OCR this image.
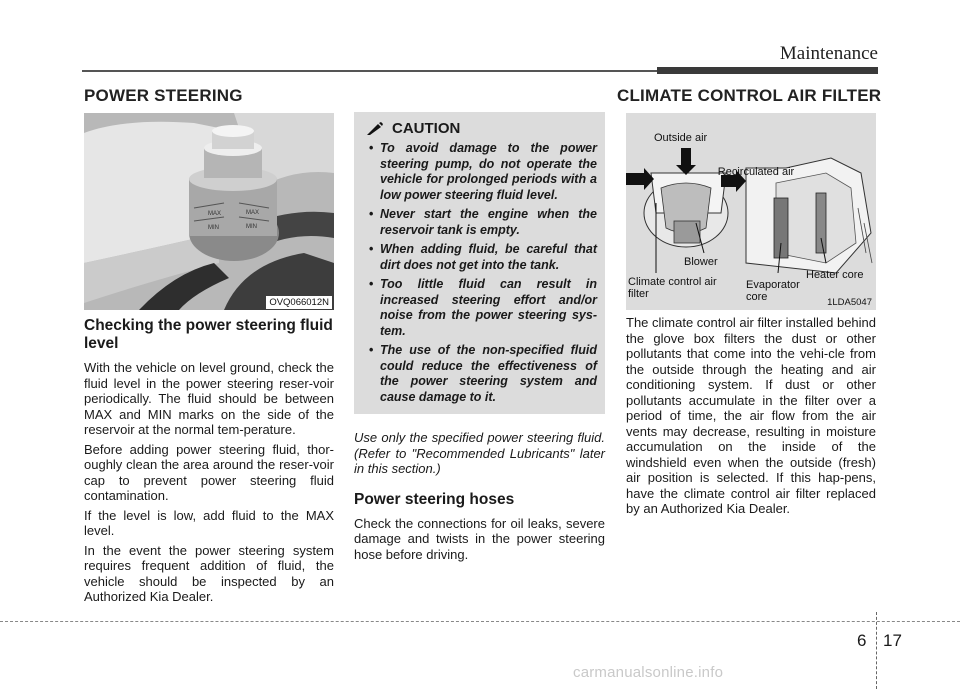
Maintenance
POWER STEERING
MAX
MIN
MAX
MIN
OVQ066012N
Checking the power steering fluid level

With the vehicle on level ground, check the fluid level in the power steering reser-voir periodically. The fluid should be between MAX and MIN marks on the side of the reservoir at the normal tem-perature.

Before adding power steering fluid, thor-oughly clean the area around the reser-voir cap to prevent power steering fluid contamination.

If the level is low, add fluid to the MAX level.

In the event the power steering system requires frequent addition of fluid, the vehicle should be inspected by an Authorized Kia Dealer.

CAUTION
• To avoid damage to the power steering pump, do not operate the vehicle for prolonged periods with a low power steering fluid level.
• Never start the engine when the reservoir tank is empty.
• When adding fluid, be careful that dirt does not get into the tank.
• Too little fluid can result in increased steering effort and/or noise from the power steering sys-tem.
• The use of the non-specified fluid could reduce the effectiveness of the power steering system and cause damage to it.

Use only the specified power steering fluid. (Refer to "Recommended Lubricants" later in this section.)

Power steering hoses

Check the connections for oil leaks, severe damage and twists in the power steering hose before driving.

CLIMATE CONTROL AIR FILTER
Outside air
Recirculated air
Blower
Climate control air filter
Evaporator core
Heater core
1LDA5047

The climate control air filter installed behind the glove box filters the dust or other pollutants that come into the vehi-cle from the outside through the heating and air conditioning system. If dust or other pollutants accumulate in the filter over a period of time, the air flow from the air vents may decrease, resulting in moisture accumulation on the inside of the windshield even when the outside (fresh) air position is selected. If this hap-pens, have the climate control air filter replaced by an Authorized Kia Dealer.

6 17
carmanualsonline.info
